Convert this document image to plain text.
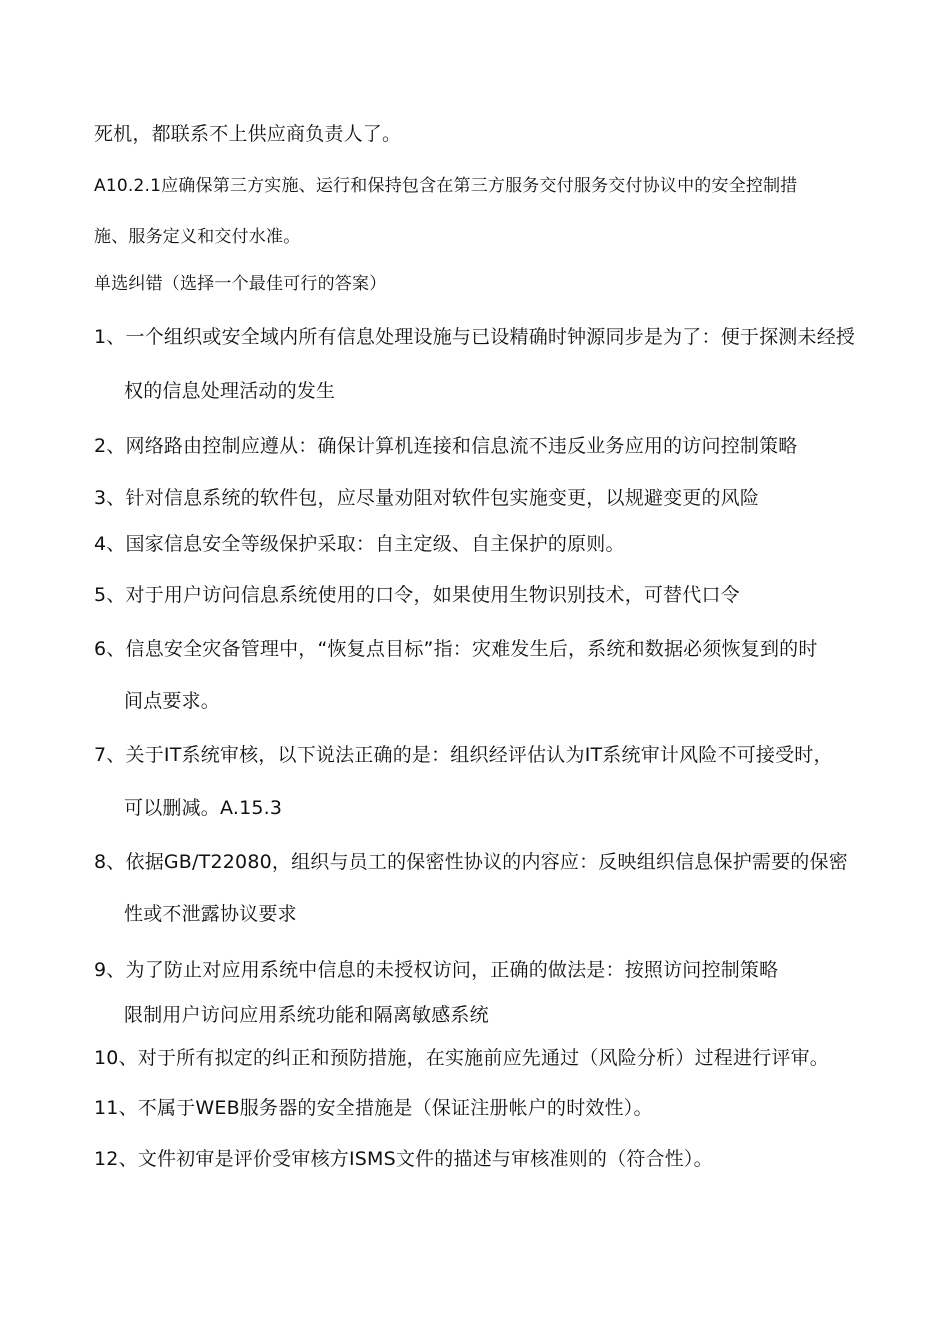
死机，都联系不上供应商负责人了。

A10.2.1应确保第三方实施、运行和保持包含在第三方服务交付服务交付协议中的安全控制措

施、服务定义和交付水准。

单选纠错（选择一个最佳可行的答案）

1、一个组织或安全域内所有信息处理设施与已设精确时钟源同步是为了：便于探测未经授

权的信息处理活动的发生

2、网络路由控制应遵从：确保计算机连接和信息流不违反业务应用的访问控制策略

3、针对信息系统的软件包，应尽量劝阻对软件包实施变更，以规避变更的风险

4、国家信息安全等级保护采取：自主定级、自主保护的原则。

5、对于用户访问信息系统使用的口令，如果使用生物识别技术，可替代口令

6、信息安全灾备管理中，“恢复点目标”指：灾难发生后，系统和数据必须恢复到的时

间点要求。

7、关于IT系统审核，以下说法正确的是：组织经评估认为IT系统审计风险不可接受时，

可以删减。A.15.3

8、依据GB/T22080，组织与员工的保密性协议的内容应：反映组织信息保护需要的保密

性或不泄露协议要求

9、为了防止对应用系统中信息的未授权访问，正确的做法是：按照访问控制策略

限制用户访问应用系统功能和隔离敏感系统

10、对于所有拟定的纠正和预防措施，在实施前应先通过（风险分析）过程进行评审。

11、不属于WEB服务器的安全措施是（保证注册帐户的时效性）。

12、文件初审是评价受审核方ISMS文件的描述与审核准则的（符合性）。
